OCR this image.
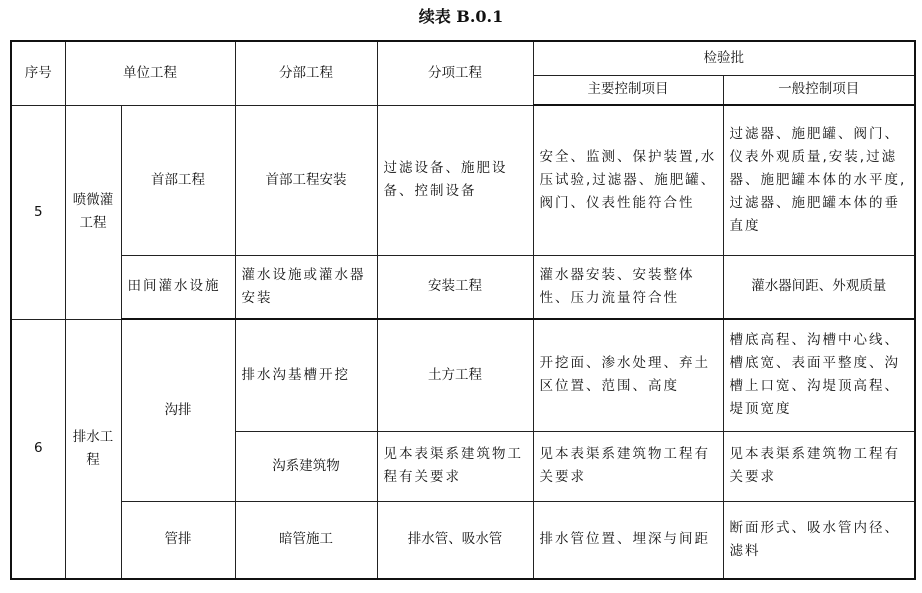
续表 B.0.1
序号	单位工程		分部工程	分项工程	检验批	
					主要控制项目	一般控制项目
5	喷微灌工程	首部工程	首部工程安装	过滤设备、施肥设备、控制设备	安全、监测、保护装置,水压试验,过滤器、施肥罐、阀门、仪表性能符合性	过滤器、施肥罐、阀门、仪表外观质量,安装,过滤器、施肥罐本体的水平度,过滤器、施肥罐本体的垂直度
		田间灌水设施	灌水设施或灌水器安装	安装工程	灌水器安装、安装整体性、压力流量符合性	灌水器间距、外观质量
6	排水工程	沟排	排水沟基槽开挖	土方工程	开挖面、渗水处理、弃土区位置、范围、高度	槽底高程、沟槽中心线、槽底宽、表面平整度、沟槽上口宽、沟堤顶高程、堤顶宽度
			沟系建筑物	见本表渠系建筑物工程有关要求	见本表渠系建筑物工程有关要求	见本表渠系建筑物工程有关要求
		管排	暗管施工	排水管、吸水管	排水管位置、埋深与间距	断面形式、吸水管内径、滤料
